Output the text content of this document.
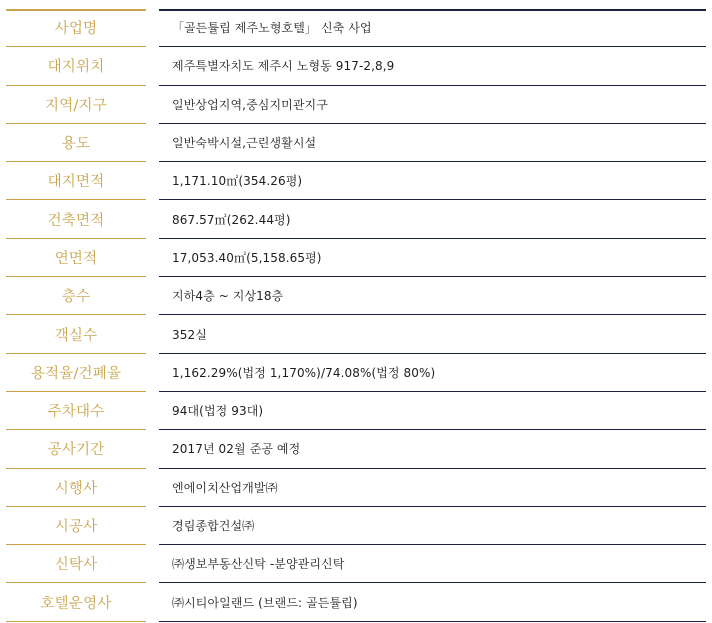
사업명	「골든튤립 제주노형호텔」 신축 사업
대지위치	제주특별자치도 제주시 노형동 917-2,8,9
지역/지구	일반상업지역,중심지미관지구
용도	일반숙박시설,근린생활시설
대지면적	1,171.10㎡(354.26평)
건축면적	867.57㎡(262.44평)
연면적	17,053.40㎡(5,158.65평)
층수	지하4층 ~ 지상18층
객실수	352실
용적율/건폐율	1,162.29%(법정 1,170%)/74.08%(법정 80%)
주차대수	94대(법정 93대)
공사기간	2017년 02월 준공 예정
시행사	엔에이치산업개발㈜
시공사	경림종합건설㈜
신탁사	㈜생보부동산신탁 -분양관리신탁
호텔운영사	㈜시티아일랜드 (브랜드: 골든튤립)
